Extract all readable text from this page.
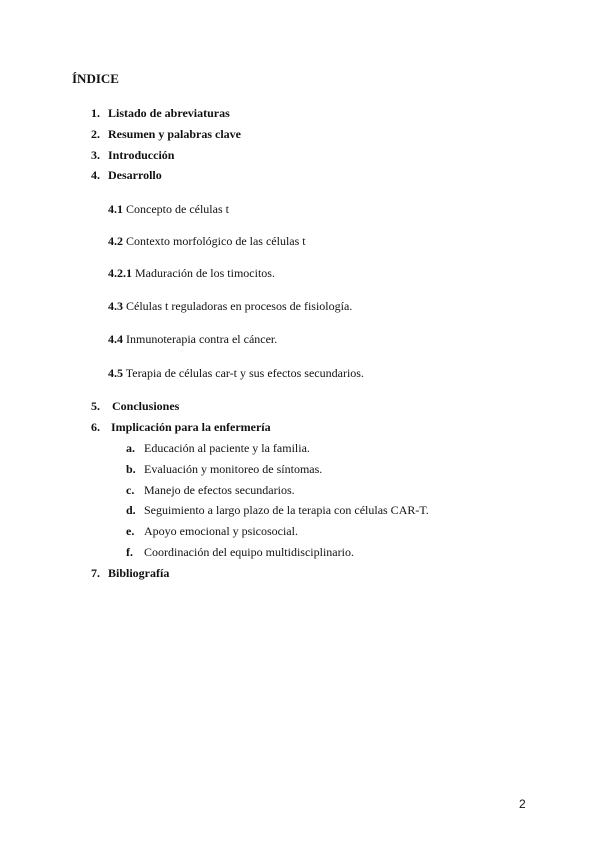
ÍNDICE
1. Listado de abreviaturas
2. Resumen y palabras clave
3. Introducción
4. Desarrollo
4.1 Concepto de células t
4.2 Contexto morfológico de las células t
4.2.1 Maduración de los timocitos.
4.3 Células t reguladoras en procesos de fisiología.
4.4 Inmunoterapia contra el cáncer.
4.5 Terapia de células car-t y sus efectos secundarios.
5. Conclusiones
6. Implicación para la enfermería
a. Educación al paciente y la familia.
b. Evaluación y monitoreo de síntomas.
c. Manejo de efectos secundarios.
d. Seguimiento a largo plazo de la terapia con células CAR-T.
e. Apoyo emocional y psicosocial.
f. Coordinación del equipo multidisciplinario.
7. Bibliografía
2
